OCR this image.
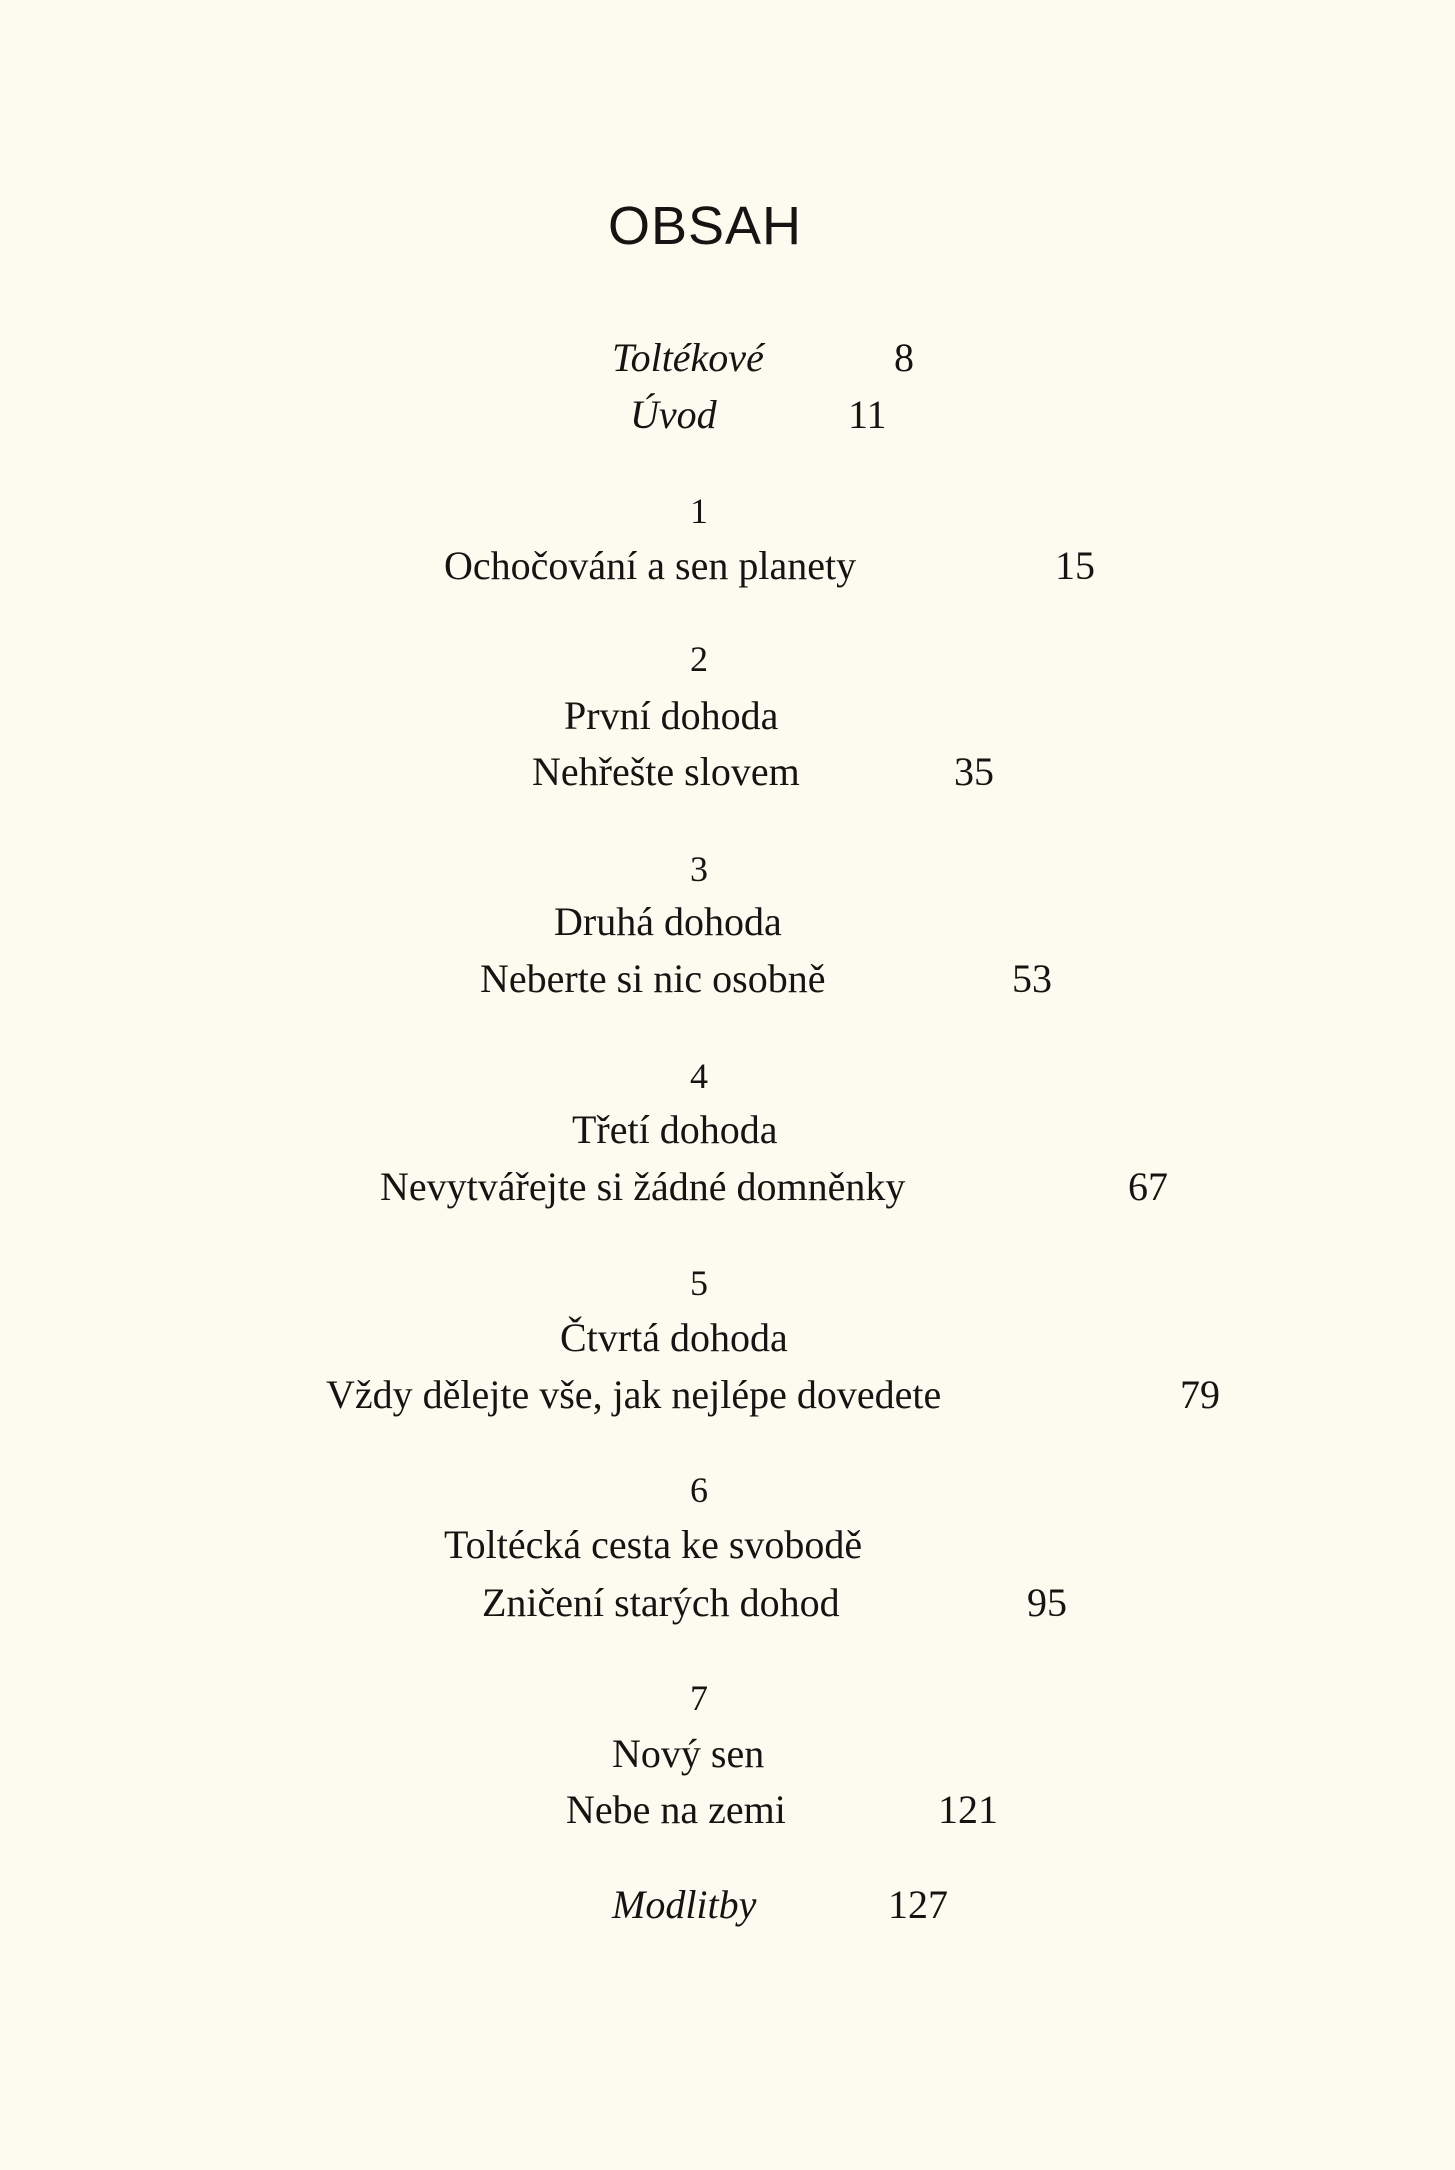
OBSAH
Toltékové	8
Úvod	11
1
Ochočování a sen planety	15
2
První dohoda
Nehřešte slovem	35
3
Druhá dohoda
Neberte si nic osobně	53
4
Třetí dohoda
Nevytvářejte si žádné domněnky	67
5
Čtvrtá dohoda
Vždy dělejte vše, jak nejlépe dovedete	79
6
Toltécká cesta ke svobodě
Zničení starých dohod	95
7
Nový sen
Nebe na zemi	121
Modlitby	127
